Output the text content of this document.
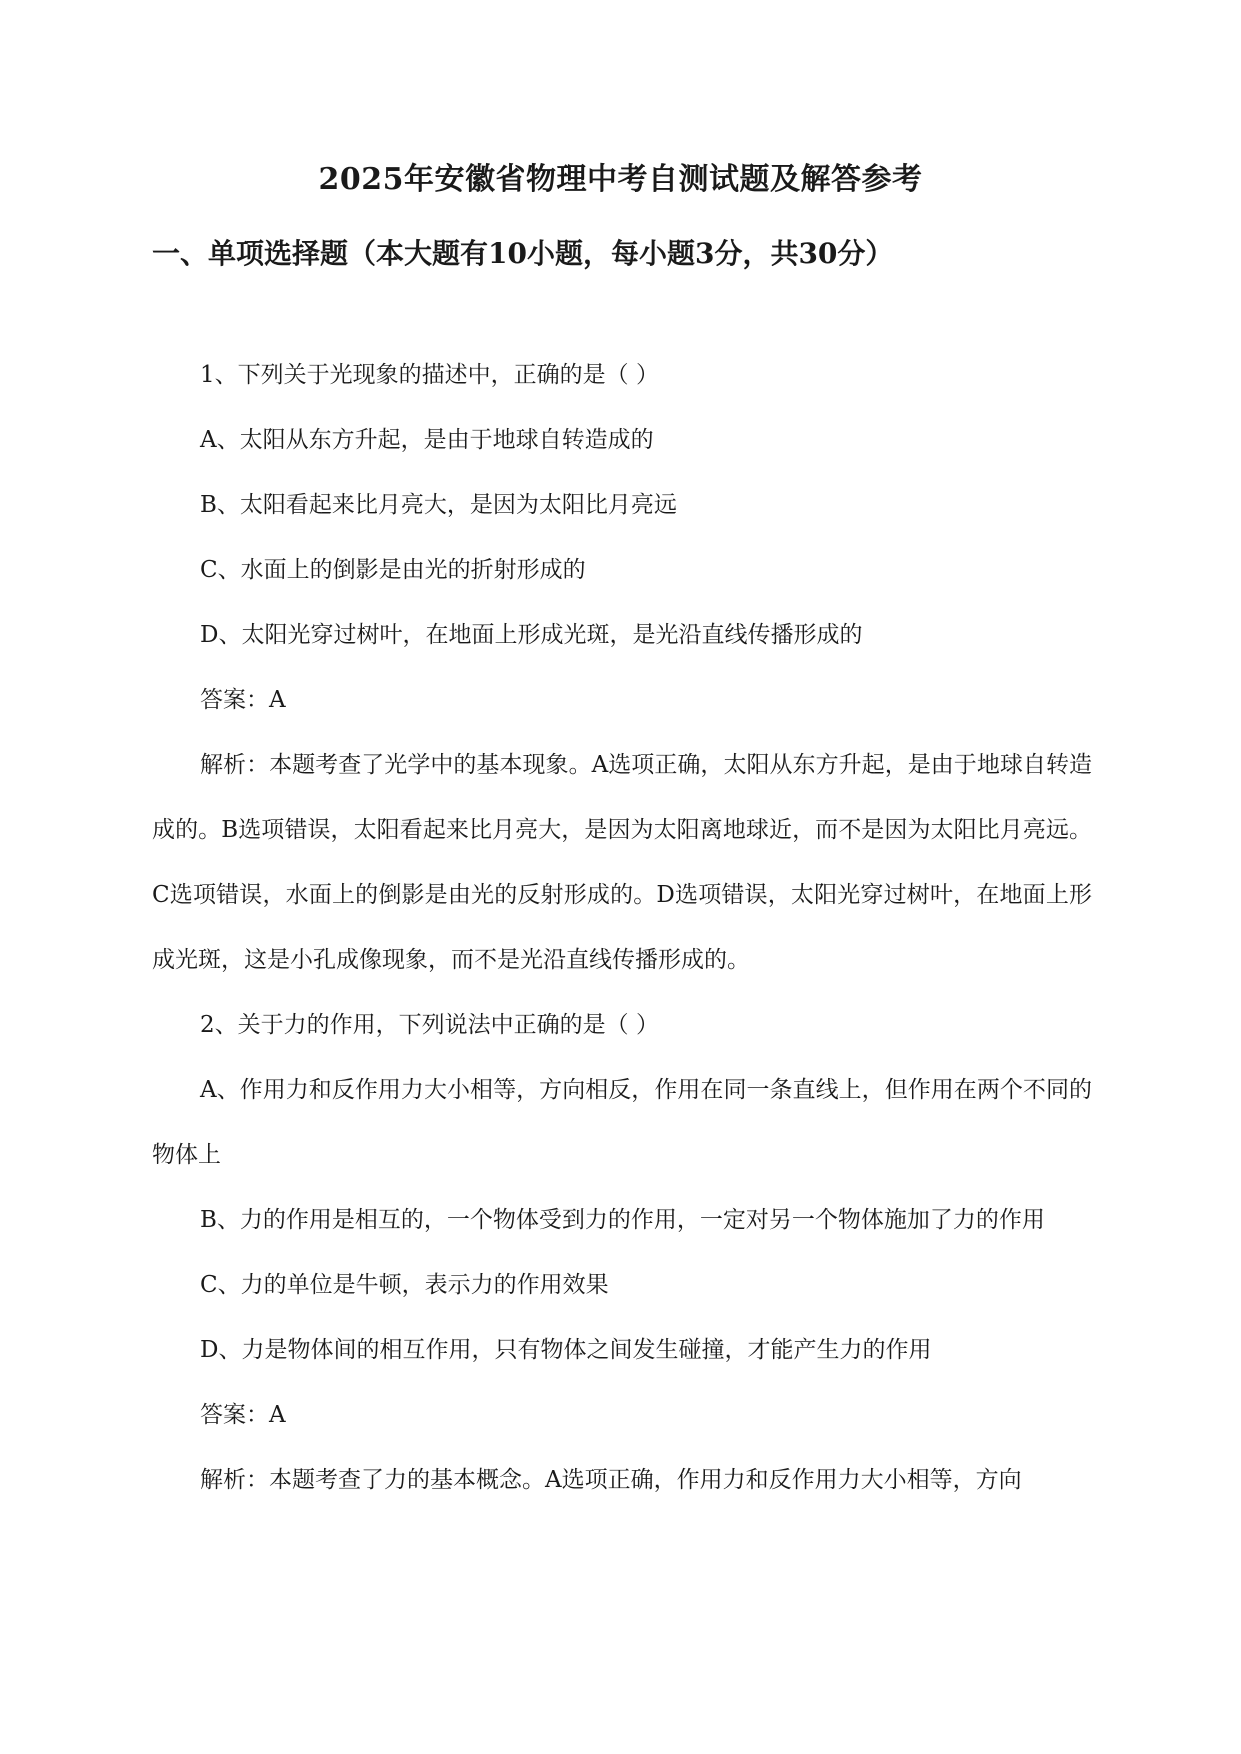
2025年安徽省物理中考自测试题及解答参考
一、单项选择题（本大题有10小题，每小题3分，共30分）

1、下列关于光现象的描述中，正确的是（ ）

A、太阳从东方升起，是由于地球自转造成的

B、太阳看起来比月亮大，是因为太阳比月亮远

C、水面上的倒影是由光的折射形成的

D、太阳光穿过树叶，在地面上形成光斑，是光沿直线传播形成的

答案：A

解析：本题考查了光学中的基本现象。A选项正确，太阳从东方升起，是由于地球自转造成的。B选项错误，太阳看起来比月亮大，是因为太阳离地球近，而不是因为太阳比月亮远。C选项错误，水面上的倒影是由光的反射形成的。D选项错误，太阳光穿过树叶，在地面上形成光斑，这是小孔成像现象，而不是光沿直线传播形成的。

2、关于力的作用，下列说法中正确的是（ ）

A、作用力和反作用力大小相等，方向相反，作用在同一条直线上，但作用在两个不同的物体上

B、力的作用是相互的，一个物体受到力的作用，一定对另一个物体施加了力的作用

C、力的单位是牛顿，表示力的作用效果

D、力是物体间的相互作用，只有物体之间发生碰撞，才能产生力的作用

答案：A

解析：本题考查了力的基本概念。A选项正确，作用力和反作用力大小相等，方向
